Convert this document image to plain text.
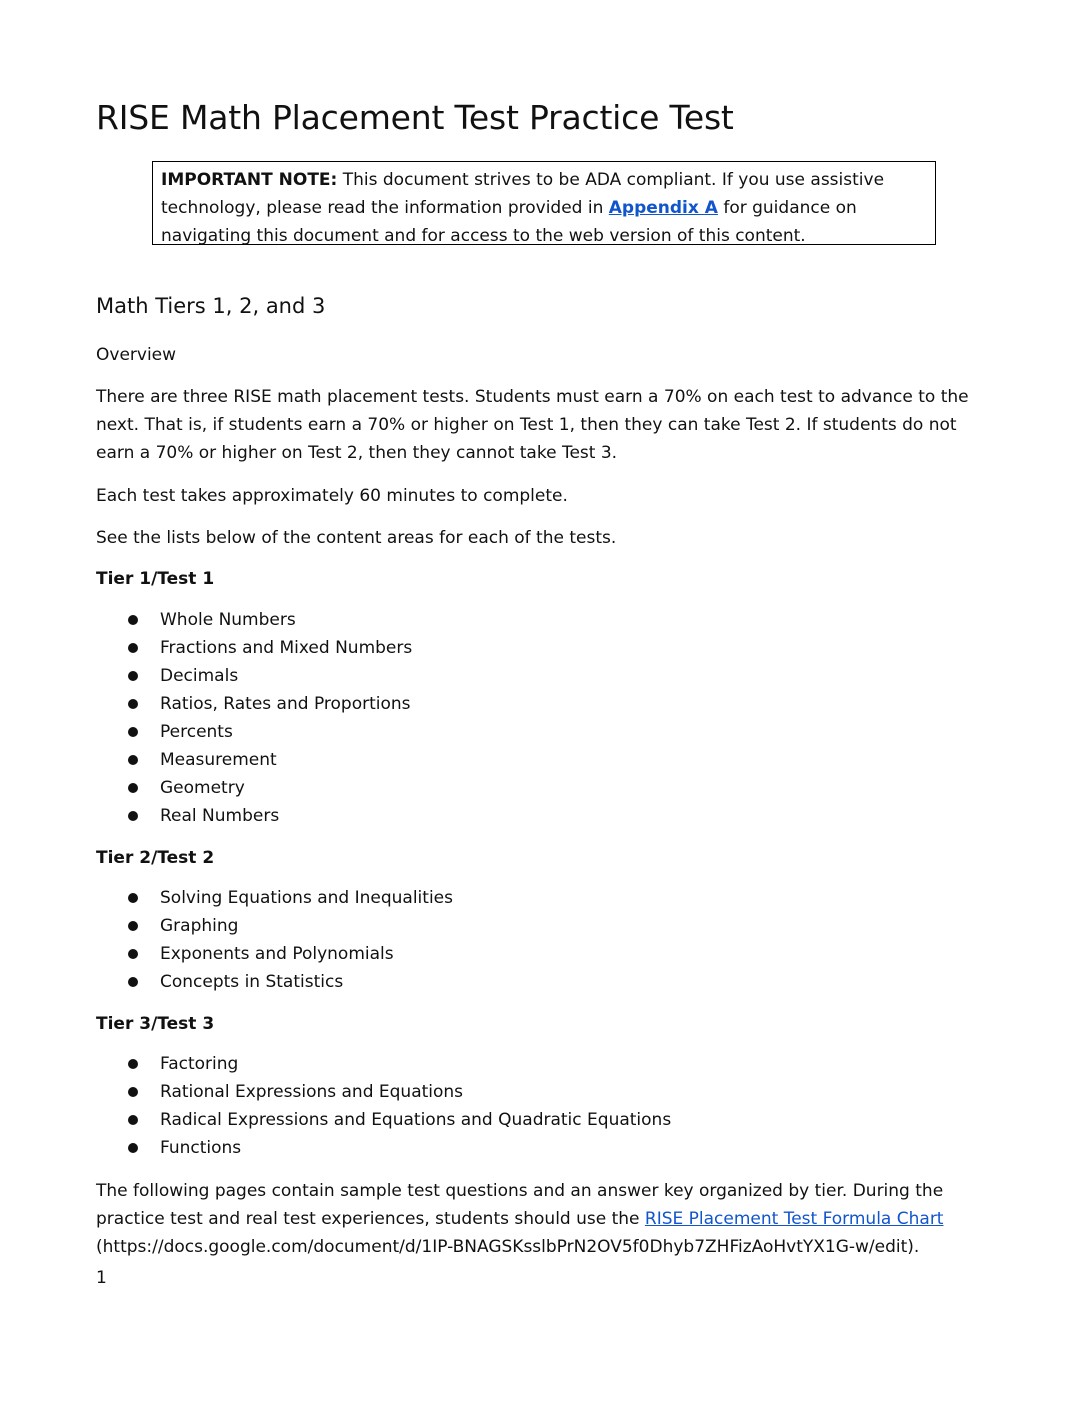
RISE Math Placement Test Practice Test
IMPORTANT NOTE: This document strives to be ADA compliant. If you use assistive technology, please read the information provided in Appendix A for guidance on navigating this document and for access to the web version of this content.
Math Tiers 1, 2, and 3

Overview

There are three RISE math placement tests. Students must earn a 70% on each test to advance to the next. That is, if students earn a 70% or higher on Test 1, then they can take Test 2. If students do not earn a 70% or higher on Test 2, then they cannot take Test 3.

Each test takes approximately 60 minutes to complete.

See the lists below of the content areas for each of the tests.

Tier 1/Test 1

Whole Numbers
Fractions and Mixed Numbers
Decimals
Ratios, Rates and Proportions
Percents
Measurement
Geometry
Real Numbers

Tier 2/Test 2

Solving Equations and Inequalities
Graphing
Exponents and Polynomials
Concepts in Statistics

Tier 3/Test 3

Factoring
Rational Expressions and Equations
Radical Expressions and Equations and Quadratic Equations
Functions

The following pages contain sample test questions and an answer key organized by tier. During the practice test and real test experiences, students should use the RISE Placement Test Formula Chart (https://docs.google.com/document/d/1IP-BNAGSKsslbPrN2OV5f0Dhyb7ZHFizAoHvtYX1G-w/edit).

1
